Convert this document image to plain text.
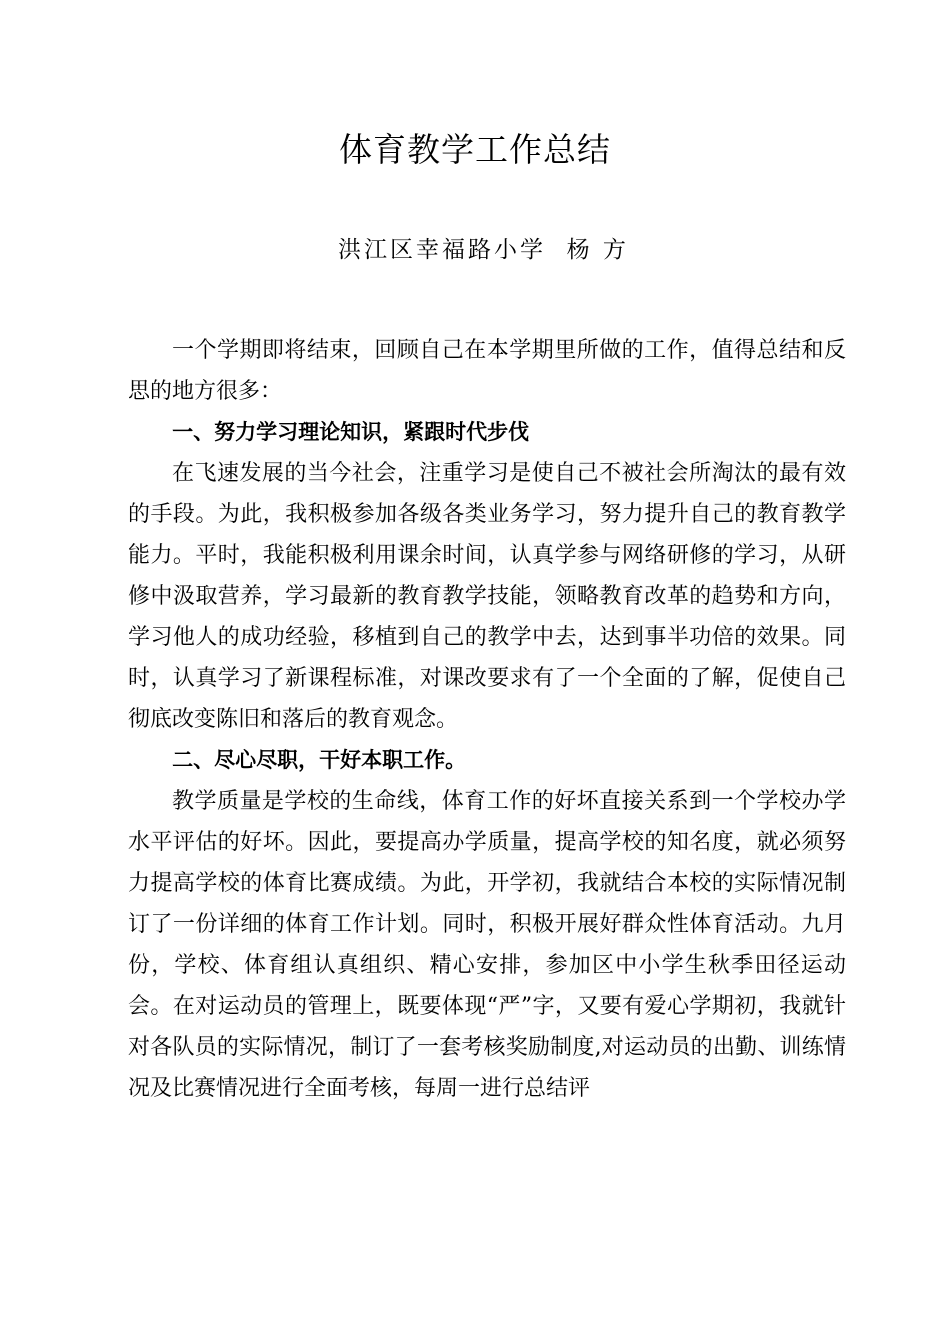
体育教学工作总结
洪江区幸福路小学  杨 方

一个学期即将结束，回顾自己在本学期里所做的工作，值得总结和反思的地方很多：

一、努力学习理论知识，紧跟时代步伐

在飞速发展的当今社会，注重学习是使自己不被社会所淘汰的最有效的手段。为此，我积极参加各级各类业务学习，努力提升自己的教育教学能力。平时，我能积极利用课余时间，认真学参与网络研修的学习，从研修中汲取营养，学习最新的教育教学技能，领略教育改革的趋势和方向，学习他人的成功经验，移植到自己的教学中去，达到事半功倍的效果。同时，认真学习了新课程标准，对课改要求有了一个全面的了解，促使自己彻底改变陈旧和落后的教育观念。

二、尽心尽职，干好本职工作。

教学质量是学校的生命线，体育工作的好坏直接关系到一个学校办学水平评估的好坏。因此，要提高办学质量，提高学校的知名度，就必须努力提高学校的体育比赛成绩。为此，开学初，我就结合本校的实际情况制订了一份详细的体育工作计划。同时，积极开展好群众性体育活动。九月份，学校、体育组认真组织、精心安排，参加区中小学生秋季田径运动会。在对运动员的管理上，既要体现“严”字，又要有爱心学期初，我就针对各队员的实际情况，制订了一套考核奖励制度,对运动员的出勤、训练情况及比赛情况进行全面考核，每周一进行总结评
